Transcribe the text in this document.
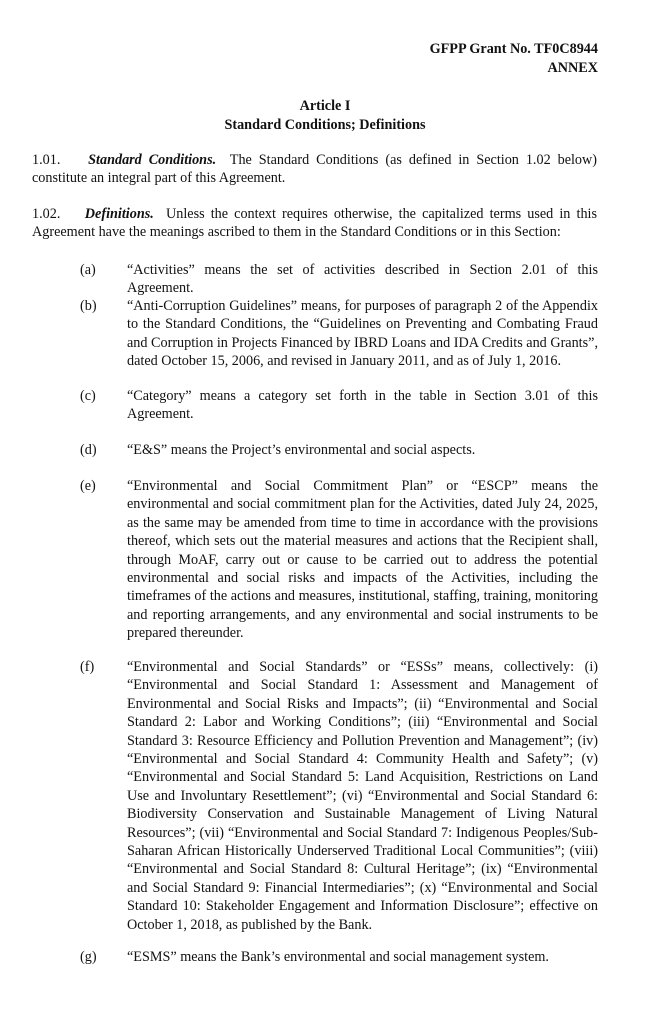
GFPP Grant No. TF0C8944
ANNEX
Article I
Standard Conditions; Definitions
1.01. Standard Conditions. The Standard Conditions (as defined in Section 1.02 below) constitute an integral part of this Agreement.
1.02. Definitions. Unless the context requires otherwise, the capitalized terms used in this Agreement have the meanings ascribed to them in the Standard Conditions or in this Section:
(a)	“Activities” means the set of activities described in Section 2.01 of this Agreement.
(b)	“Anti-Corruption Guidelines” means, for purposes of paragraph 2 of the Appendix to the Standard Conditions, the “Guidelines on Preventing and Combating Fraud and Corruption in Projects Financed by IBRD Loans and IDA Credits and Grants”, dated October 15, 2006, and revised in January 2011, and as of July 1, 2016.
(c)	“Category” means a category set forth in the table in Section 3.01 of this Agreement.
(d)	“E&S” means the Project’s environmental and social aspects.
(e)	“Environmental and Social Commitment Plan” or “ESCP” means the environmental and social commitment plan for the Activities, dated July 24, 2025, as the same may be amended from time to time in accordance with the provisions thereof, which sets out the material measures and actions that the Recipient shall, through MoAF, carry out or cause to be carried out to address the potential environmental and social risks and impacts of the Activities, including the timeframes of the actions and measures, institutional, staffing, training, monitoring and reporting arrangements, and any environmental and social instruments to be prepared thereunder.
(f)	“Environmental and Social Standards” or “ESSs” means, collectively: (i) “Environmental and Social Standard 1: Assessment and Management of Environmental and Social Risks and Impacts”; (ii) “Environmental and Social Standard 2: Labor and Working Conditions”; (iii) “Environmental and Social Standard 3: Resource Efficiency and Pollution Prevention and Management”; (iv) “Environmental and Social Standard 4: Community Health and Safety”; (v) “Environmental and Social Standard 5: Land Acquisition, Restrictions on Land Use and Involuntary Resettlement”; (vi) “Environmental and Social Standard 6: Biodiversity Conservation and Sustainable Management of Living Natural Resources”; (vii) “Environmental and Social Standard 7: Indigenous Peoples/Sub-Saharan African Historically Underserved Traditional Local Communities”; (viii) “Environmental and Social Standard 8: Cultural Heritage”; (ix) “Environmental and Social Standard 9: Financial Intermediaries”; (x) “Environmental and Social Standard 10: Stakeholder Engagement and Information Disclosure”; effective on October 1, 2018, as published by the Bank.
(g)	“ESMS” means the Bank’s environmental and social management system.
